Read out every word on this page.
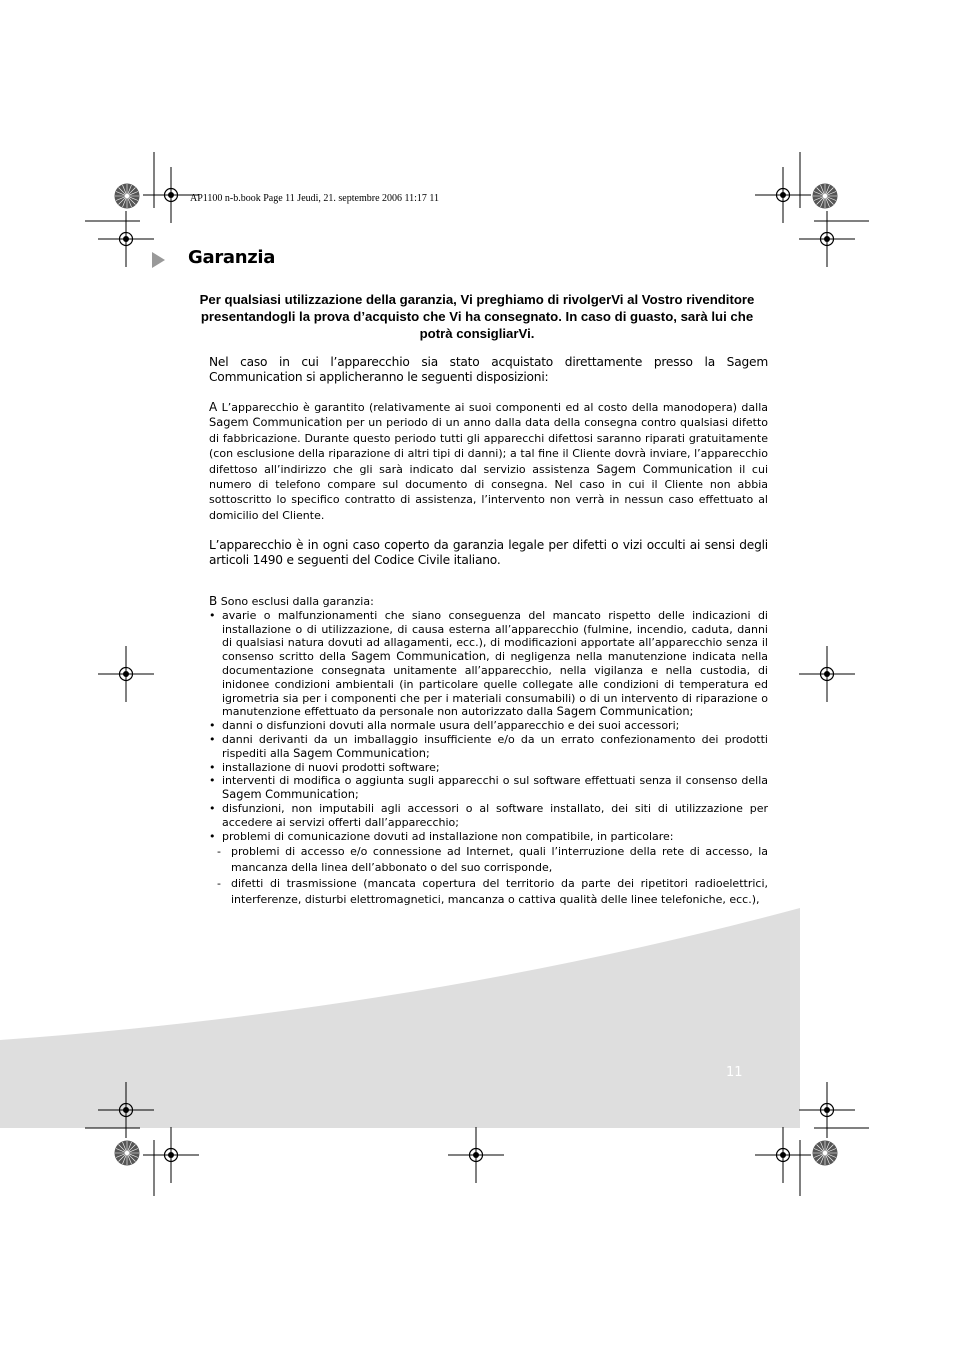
AP1100 n-b.book Page 11 Jeudi, 21. septembre 2006 11:17 11
Garanzia
Per qualsiasi utilizzazione della garanzia, Vi preghiamo di rivolgerVi al Vostro rivenditore presentandogli la prova d’acquisto che Vi ha consegnato. In caso di guasto, sarà lui che potrà consigliarVi.
Nel caso in cui l’apparecchio sia stato acquistato direttamente presso la Sagem Communication si applicheranno le seguenti disposizioni:
A L’apparecchio è garantito (relativamente ai suoi componenti ed al costo della manodopera) dalla Sagem Communication per un periodo di un anno dalla data della consegna contro qualsiasi difetto di fabbricazione. Durante questo periodo tutti gli apparecchi difettosi saranno riparati gratuitamente (con esclusione della riparazione di altri tipi di danni); a tal fine il Cliente dovrà inviare, l’apparecchio difettoso all’indirizzo che gli sarà indicato dal servizio assistenza Sagem Communication il cui numero di telefono compare sul documento di consegna. Nel caso in cui il Cliente non abbia sottoscritto lo specifico contratto di assistenza, l’intervento non verrà in nessun caso effettuato al domicilio del Cliente.
L’apparecchio è in ogni caso coperto da garanzia legale per difetti o vizi occulti ai sensi degli articoli 1490 e seguenti del Codice Civile italiano.
B Sono esclusi dalla garanzia:
• avarie o malfunzionamenti che siano conseguenza del mancato rispetto delle indicazioni di installazione o di utilizzazione, di causa esterna all’apparecchio (fulmine, incendio, caduta, danni di qualsiasi natura dovuti ad allagamenti, ecc.), di modificazioni apportate all’apparecchio senza il consenso scritto della Sagem Communication, di negligenza nella manutenzione indicata nella documentazione consegnata unitamente all’apparecchio, nella vigilanza e nella custodia, di inidonee condizioni ambientali (in particolare quelle collegate alle condizioni di temperatura ed igrometria sia per i componenti che per i materiali consumabili) o di un intervento di riparazione o manutenzione effettuato da personale non autorizzato dalla Sagem Communication;
• danni o disfunzioni dovuti alla normale usura dell’apparecchio e dei suoi accessori;
• danni derivanti da un imballaggio insufficiente e/o da un errato confezionamento dei prodotti rispediti alla Sagem Communication;
• installazione di nuovi prodotti software;
• interventi di modifica o aggiunta sugli apparecchi o sul software effettuati senza il consenso della Sagem Communication;
• disfunzioni, non imputabili agli accessori o al software installato, dei siti di utilizzazione per accedere ai servizi offerti dall’apparecchio;
• problemi di comunicazione dovuti ad installazione non compatibile, in particolare:
- problemi di accesso e/o connessione ad Internet, quali l’interruzione della rete di accesso, la mancanza della linea dell’abbonato o del suo corrisponde,
- difetti di trasmissione (mancata copertura del territorio da parte dei ripetitori radioelettrici, interferenze, disturbi elettromagnetici, mancanza o cattiva qualità delle linee telefoniche, ecc.),
11
